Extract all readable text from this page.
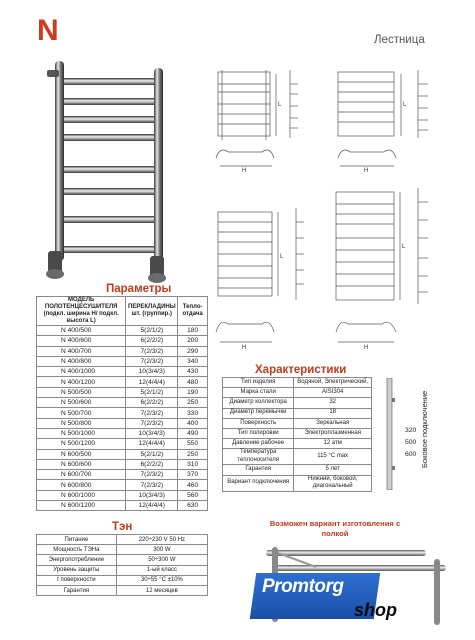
N	Лестница
H	H
H	H
L	L
L
L
Параметры
МОДЕЛЬ ПОЛОТЕНЦЕСУШИТЕЛЯ (подкл. ширина Н/ подкл. высота L)	ПЕРЕКЛАДИНЫ шт. (группир.)	Тепло-отдача
N 400/500	5(2/1/2)	180
N 400/600	6(2/2/2)	200
N 400/700	7(2/3/2)	290
N 400/800	7(2/3/2)	340
N 400/1000	10(3/4/3)	430
N 400/1200	12(4/4/4)	480
N 500/500	5(2/1/2)	190
N 500/600	6(2/2/2)	250
N 500/700	7(2/3/2)	330
N 500/800	7(2/3/2)	400
N 500/1000	10(3/4/3)	490
N 500/1200	12(4/4/4)	550
N 600/500	5(2/1/2)	250
N 600/600	6(2/2/2)	310
N 600/700	7(2/3/2)	370
N 600/800	7(2/3/2)	460
N 600/1000	10(3/4/3)	560
N 600/1200	12(4/4/4)	630
Характеристики
Тип изделия	Водяной, Электрический,
Марка стали	AISI304
Диаметр коллектора	32
Диаметр перемычки	18
Поверхность	Зеркальная
Тип полировки	Электроплазменная
Давление рабочее	12 атм
Температура теплоносителя	115 °C max
Гарантия	5 лет
Вариант подключения	Нижний, боковой, диагональный
320
500
600 Боковое подключение
Тэн
Питание	220÷230 V 50 Hz
Мощность ТЭНа	300 W
Энергопотребление	50÷300 W
Уровень защиты	1-ый класс
t поверхности	30÷55 °C ±10%
Гарантия	12 месяцев
Возможен вариант изготовления с полкой
Promtorg
shop
